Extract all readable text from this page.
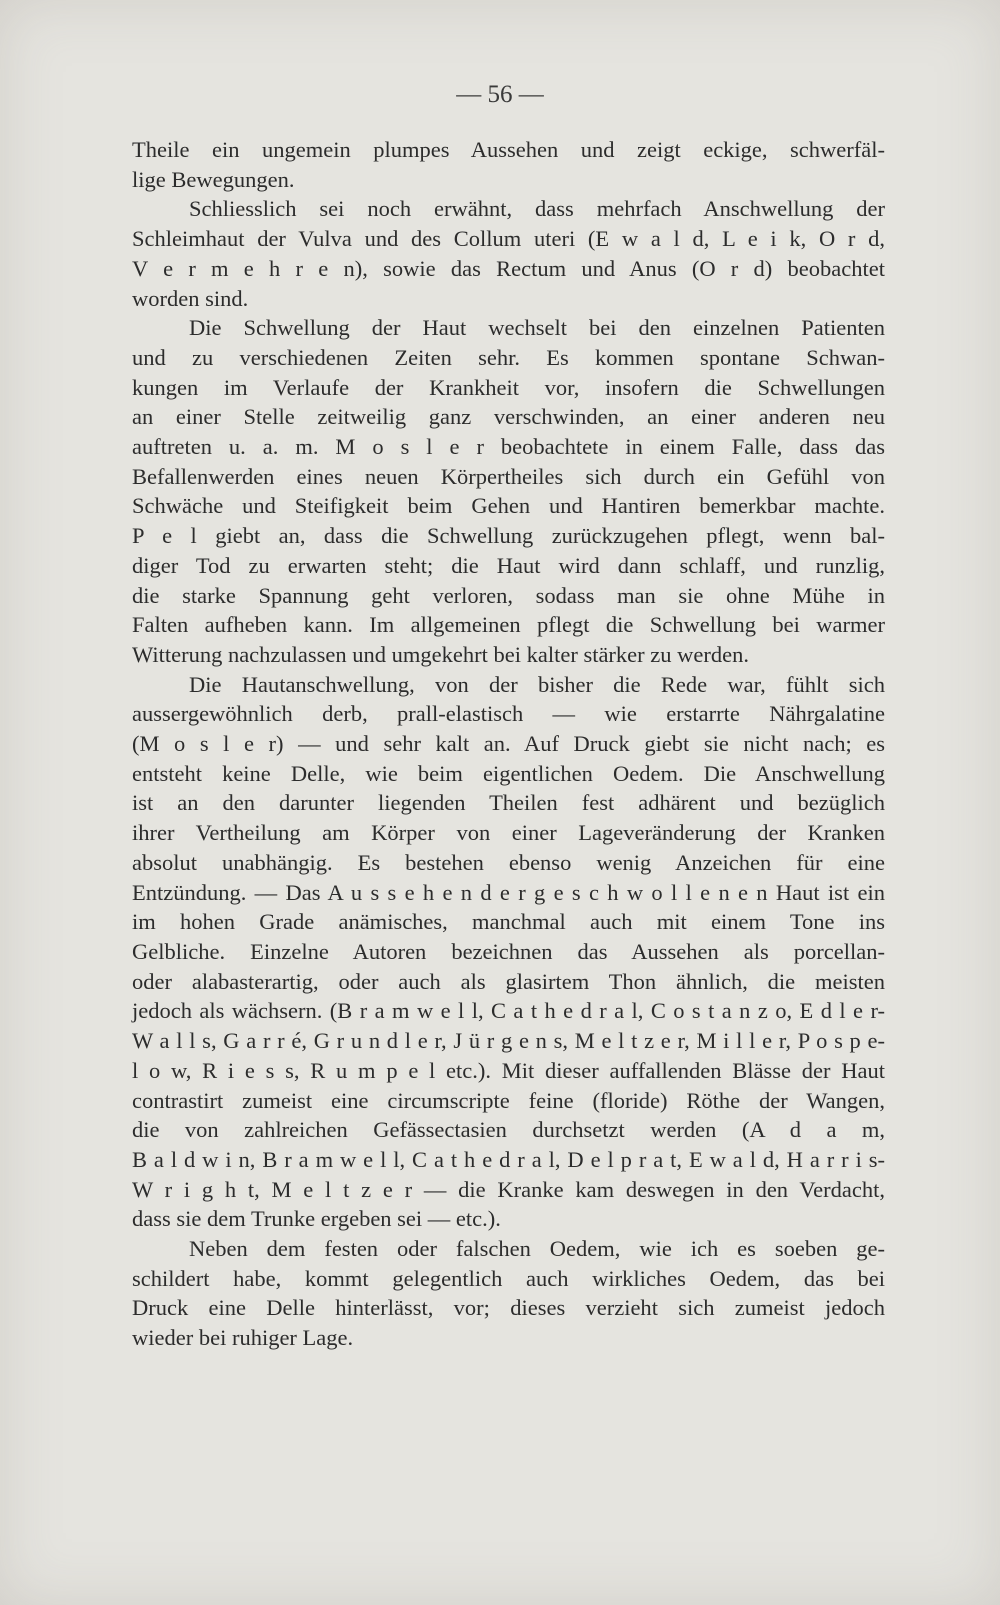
— 56 —

Theile ein ungemein plumpes Aussehen und zeigt eckige, schwerfäl-
lige Bewegungen.

Schliesslich sei noch erwähnt, dass mehrfach Anschwellung der
Schleimhaut der Vulva und des Collum uteri (E w a l d, L e i k, O r d,
V e r m e h r e n), sowie das Rectum und Anus (O r d) beobachtet
worden sind.

Die Schwellung der Haut wechselt bei den einzelnen Patienten
und zu verschiedenen Zeiten sehr. Es kommen spontane Schwan-
kungen im Verlaufe der Krankheit vor, insofern die Schwellungen
an einer Stelle zeitweilig ganz verschwinden, an einer anderen neu
auftreten u. a. m. M o s l e r beobachtete in einem Falle, dass das
Befallenwerden eines neuen Körpertheiles sich durch ein Gefühl von
Schwäche und Steifigkeit beim Gehen und Hantiren bemerkbar machte.
P e l giebt an, dass die Schwellung zurückzugehen pflegt, wenn bal-
diger Tod zu erwarten steht; die Haut wird dann schlaff, und runzlig,
die starke Spannung geht verloren, sodass man sie ohne Mühe in
Falten aufheben kann. Im allgemeinen pflegt die Schwellung bei warmer
Witterung nachzulassen und umgekehrt bei kalter stärker zu werden.

Die Hautanschwellung, von der bisher die Rede war, fühlt sich
aussergewöhnlich derb, prall-elastisch — wie erstarrte Nährgalatine
(M o s l e r) — und sehr kalt an. Auf Druck giebt sie nicht nach; es
entsteht keine Delle, wie beim eigentlichen Oedem. Die Anschwellung
ist an den darunter liegenden Theilen fest adhärent und bezüglich
ihrer Vertheilung am Körper von einer Lageveränderung der Kranken
absolut unabhängig. Es bestehen ebenso wenig Anzeichen für eine
Entzündung. — Das A u s s e h e n d e r g e s c h w o l l e n e n Haut ist ein
im hohen Grade anämisches, manchmal auch mit einem Tone ins
Gelbliche. Einzelne Autoren bezeichnen das Aussehen als porcellan-
oder alabasterartig, oder auch als glasirtem Thon ähnlich, die meisten
jedoch als wächsern. (B r a m w e l l, C a t h e d r a l, C o s t a n z o, E d l e r-
W a l l s, G a r r é, G r u n d l e r, J ü r g e n s, M e l t z e r, M i l l e r, P o s p e-
l o w, R i e s s, R u m p e l etc.). Mit dieser auffallenden Blässe der Haut
contrastirt zumeist eine circumscripte feine (floride) Röthe der Wangen,
die von zahlreichen Gefässectasien durchsetzt werden (A d a m,
B a l d w i n, B r a m w e l l, C a t h e d r a l, D e l p r a t, E w a l d, H a r r i s-
W r i g h t, M e l t z e r — die Kranke kam deswegen in den Verdacht,
dass sie dem Trunke ergeben sei — etc.).

Neben dem festen oder falschen Oedem, wie ich es soeben ge-
schildert habe, kommt gelegentlich auch wirkliches Oedem, das bei
Druck eine Delle hinterlässt, vor; dieses verzieht sich zumeist jedoch
wieder bei ruhiger Lage.
